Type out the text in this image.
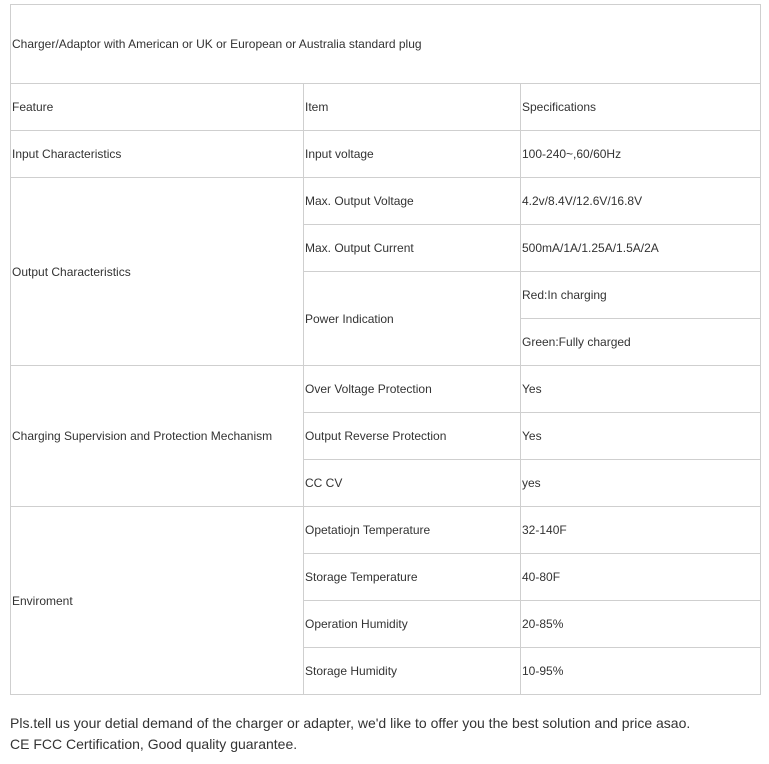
Charger/Adaptor with American or UK or European or Australia standard plug		
Feature	Item	Specifications
Input Characteristics	Input voltage	100-240~,60/60Hz
Output Characteristics	Max. Output Voltage	4.2v/8.4V/12.6V/16.8V
	Max. Output Current	500mA/1A/1.25A/1.5A/2A
	Power Indication	Red:In charging
		Green:Fully charged
Charging Supervision and Protection Mechanism	Over Voltage Protection	Yes
	Output Reverse Protection	Yes
	CC CV	yes
Enviroment	Opetatiojn Temperature	32-140F
	Storage Temperature	40-80F
	Operation Humidity	20-85%
	Storage Humidity	10-95%
Pls.tell us your detial demand of the charger or adapter, we'd like to offer you the best solution and price asao.
CE FCC Certification, Good quality guarantee.
